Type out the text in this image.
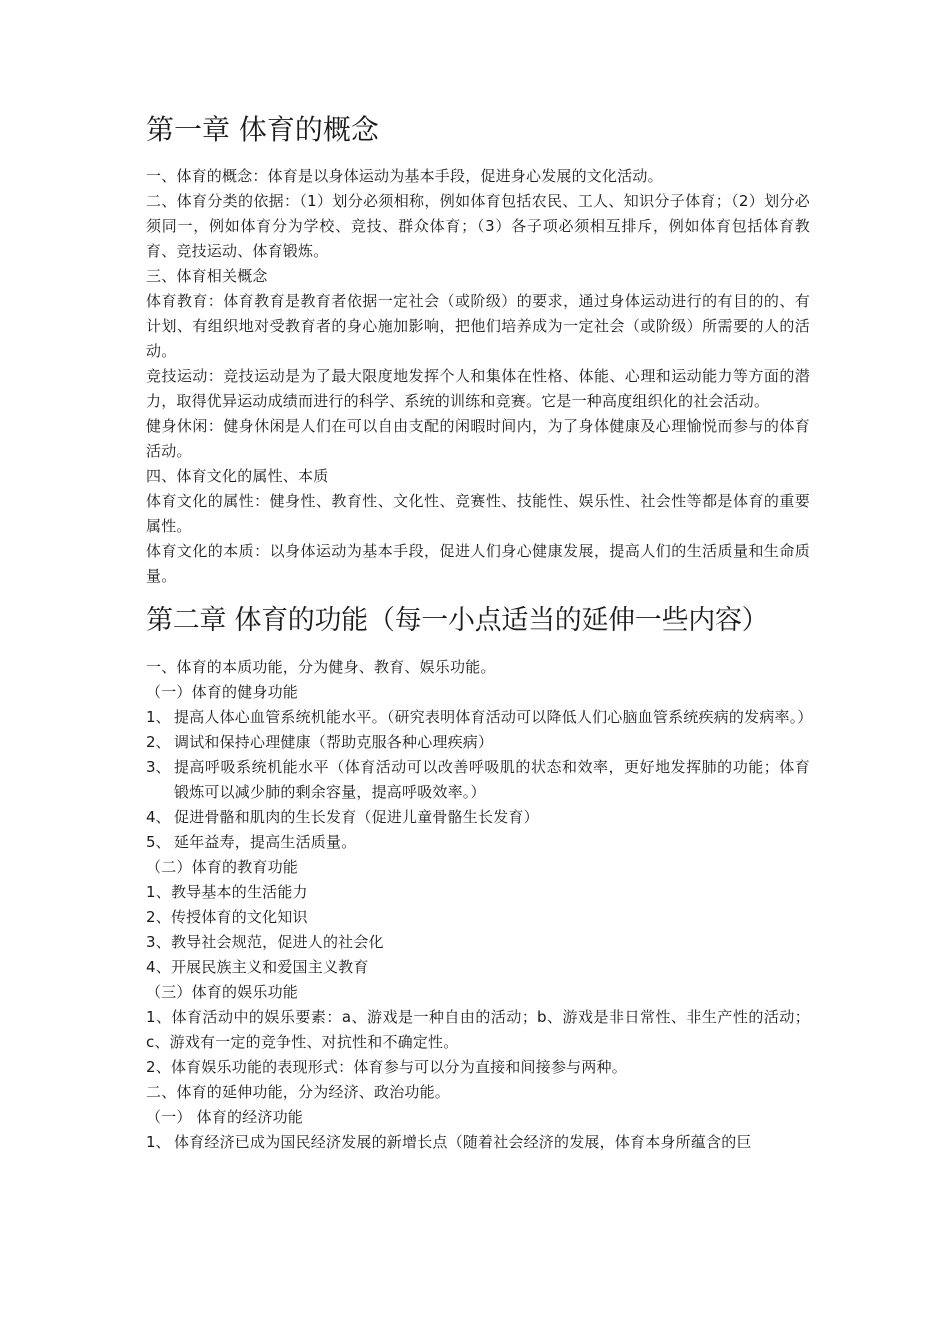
第一章 体育的概念

一、体育的概念：体育是以身体运动为基本手段，促进身心发展的文化活动。

二、体育分类的依据：（1）划分必须相称，例如体育包括农民、工人、知识分子体育；（2）划分必须同一，例如体育分为学校、竞技、群众体育；（3）各子项必须相互排斥，例如体育包括体育教育、竞技运动、体育锻炼。

三、体育相关概念

体育教育：体育教育是教育者依据一定社会（或阶级）的要求，通过身体运动进行的有目的的、有计划、有组织地对受教育者的身心施加影响，把他们培养成为一定社会（或阶级）所需要的人的活动。

竞技运动：竞技运动是为了最大限度地发挥个人和集体在性格、体能、心理和运动能力等方面的潜力，取得优异运动成绩而进行的科学、系统的训练和竞赛。它是一种高度组织化的社会活动。

健身休闲：健身休闲是人们在可以自由支配的闲暇时间内，为了身体健康及心理愉悦而参与的体育活动。

四、体育文化的属性、本质

体育文化的属性：健身性、教育性、文化性、竞赛性、技能性、娱乐性、社会性等都是体育的重要属性。

体育文化的本质：以身体运动为基本手段，促进人们身心健康发展，提高人们的生活质量和生命质量。

第二章 体育的功能（每一小点适当的延伸一些内容）

一、体育的本质功能，分为健身、教育、娱乐功能。

（一）体育的健身功能

1、 提高人体心血管系统机能水平。（研究表明体育活动可以降低人们心脑血管系统疾病的发病率。）
2、 调试和保持心理健康（帮助克服各种心理疾病）
3、 提高呼吸系统机能水平（体育活动可以改善呼吸肌的状态和效率，更好地发挥肺的功能；体育锻炼可以减少肺的剩余容量，提高呼吸效率。）
4、 促进骨骼和肌肉的生长发育（促进儿童骨骼生长发育）
5、 延年益寿，提高生活质量。

（二）体育的教育功能

1、教导基本的生活能力

2、传授体育的文化知识

3、教导社会规范，促进人的社会化

4、开展民族主义和爱国主义教育

（三）体育的娱乐功能

1、体育活动中的娱乐要素：a、游戏是一种自由的活动；b、游戏是非日常性、非生产性的活动；c、游戏有一定的竞争性、对抗性和不确定性。

2、体育娱乐功能的表现形式：体育参与可以分为直接和间接参与两种。

二、体育的延伸功能，分为经济、政治功能。

（一） 体育的经济功能

1、 体育经济已成为国民经济发展的新增长点（随着社会经济的发展，体育本身所蕴含的巨
